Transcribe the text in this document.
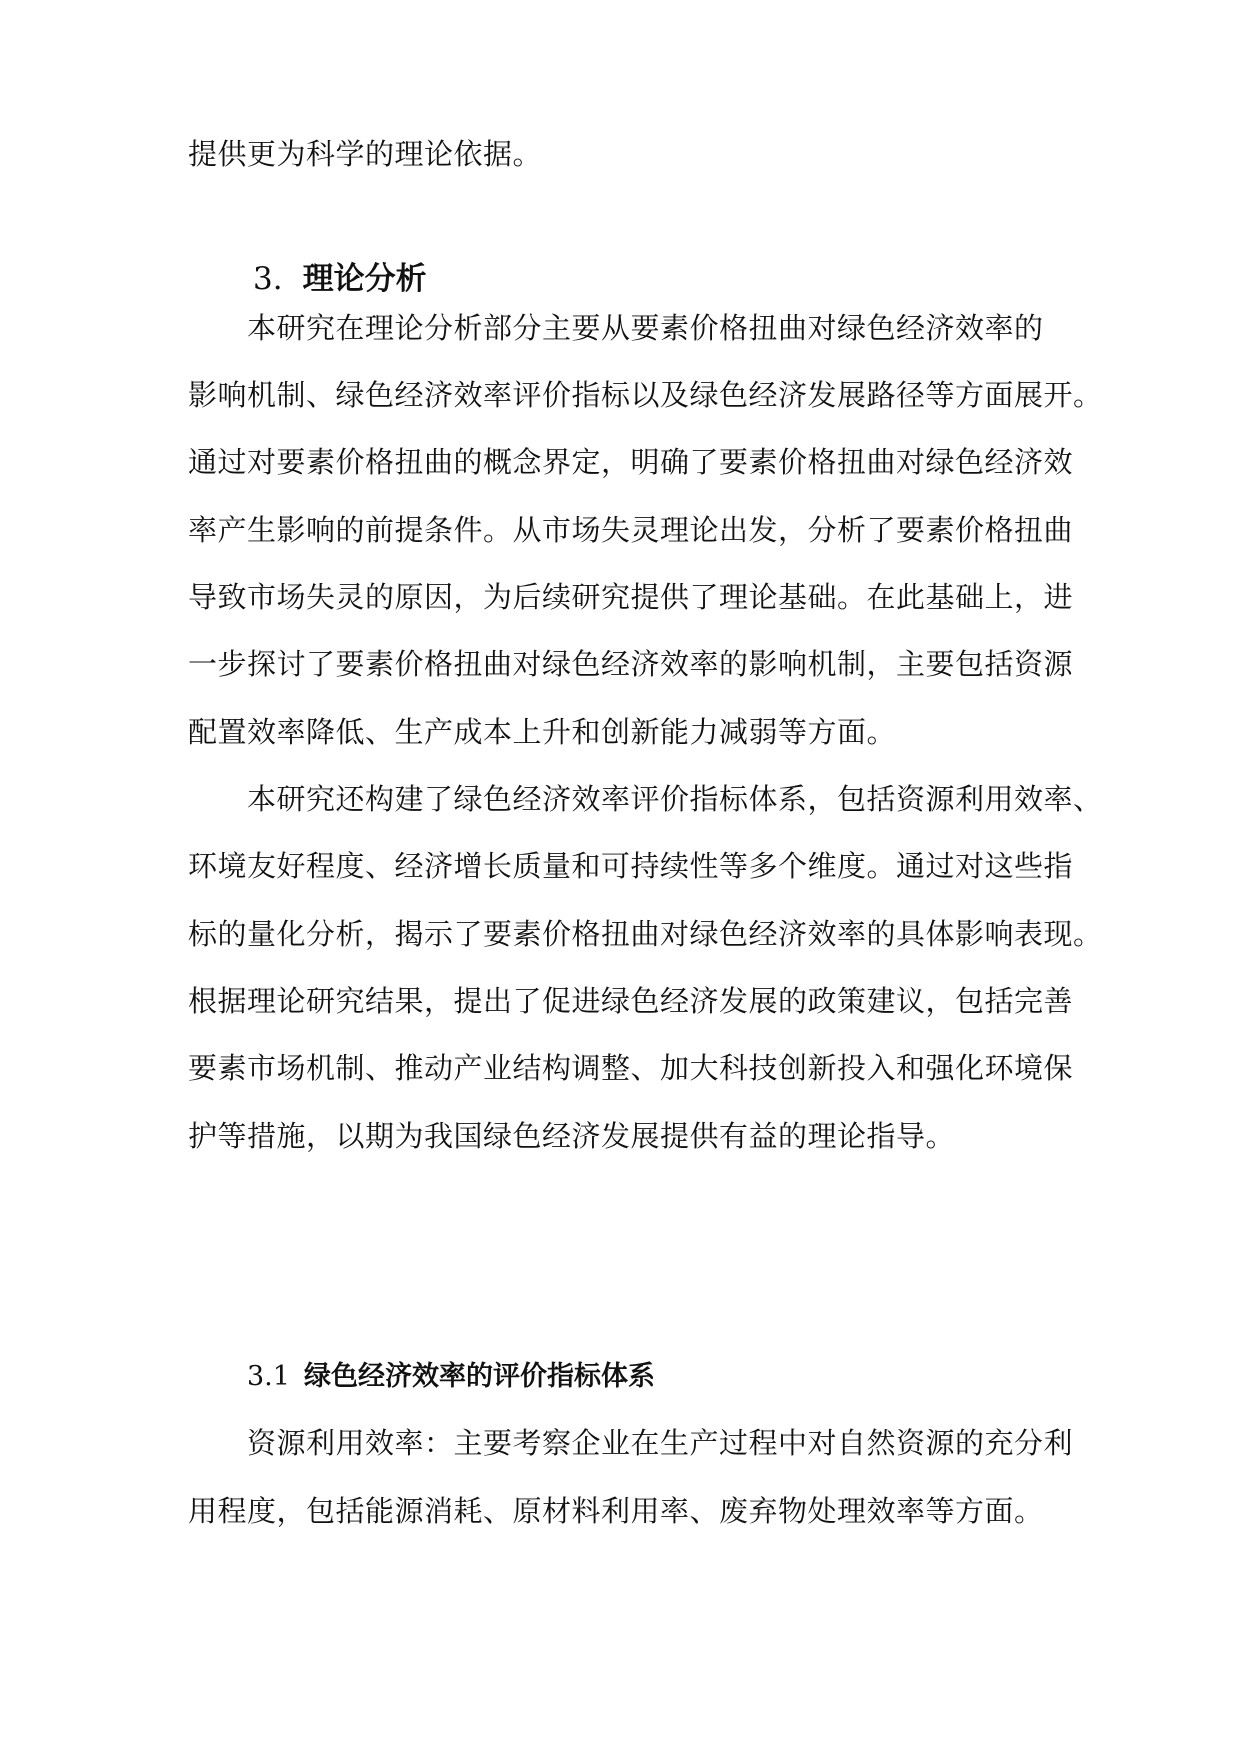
提供更为科学的理论依据。
3. 理论分析
本研究在理论分析部分主要从要素价格扭曲对绿色经济效率的
影响机制、绿色经济效率评价指标以及绿色经济发展路径等方面展开。
通过对要素价格扭曲的概念界定，明确了要素价格扭曲对绿色经济效
率产生影响的前提条件。从市场失灵理论出发，分析了要素价格扭曲
导致市场失灵的原因，为后续研究提供了理论基础。在此基础上，进
一步探讨了要素价格扭曲对绿色经济效率的影响机制，主要包括资源
配置效率降低、生产成本上升和创新能力减弱等方面。
本研究还构建了绿色经济效率评价指标体系，包括资源利用效率、
环境友好程度、经济增长质量和可持续性等多个维度。通过对这些指
标的量化分析，揭示了要素价格扭曲对绿色经济效率的具体影响表现。
根据理论研究结果，提出了促进绿色经济发展的政策建议，包括完善
要素市场机制、推动产业结构调整、加大科技创新投入和强化环境保
护等措施，以期为我国绿色经济发展提供有益的理论指导。
3.1 绿色经济效率的评价指标体系
资源利用效率：主要考察企业在生产过程中对自然资源的充分利
用程度，包括能源消耗、原材料利用率、废弃物处理效率等方面。
